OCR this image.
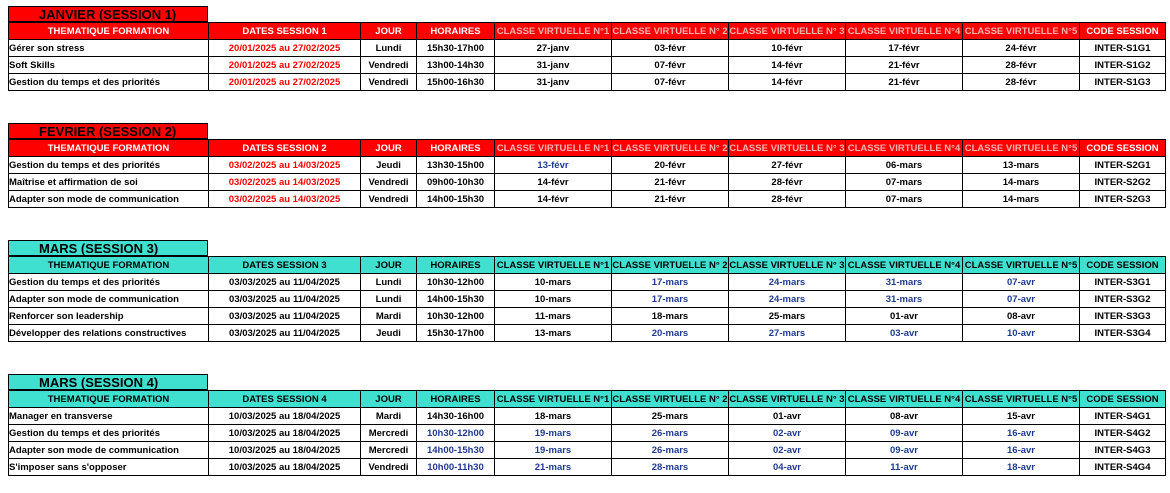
JANVIER (SESSION 1)
THEMATIQUE FORMATION	DATES SESSION 1	JOUR	HORAIRES	CLASSE VIRTUELLE N°1	CLASSE VIRTUELLE N° 2	CLASSE VIRTUELLE N° 3	CLASSE VIRTUELLE N°4	CLASSE VIRTUELLE N°5	CODE SESSION
Gérer son stress	20/01/2025 au 27/02/2025	Lundi	15h30-17h00	27-janv	03-févr	10-févr	17-févr	24-févr	INTER-S1G1
Soft Skills	20/01/2025 au 27/02/2025	Vendredi	13h00-14h30	31-janv	07-févr	14-févr	21-févr	28-févr	INTER-S1G2
Gestion du temps et des priorités	20/01/2025 au 27/02/2025	Vendredi	15h00-16h30	31-janv	07-févr	14-févr	21-févr	28-févr	INTER-S1G3
FEVRIER (SESSION 2)
THEMATIQUE FORMATION	DATES SESSION 2	JOUR	HORAIRES	CLASSE VIRTUELLE N°1	CLASSE VIRTUELLE N° 2	CLASSE VIRTUELLE N° 3	CLASSE VIRTUELLE N°4	CLASSE VIRTUELLE N°5	CODE SESSION
Gestion du temps et des priorités	03/02/2025 au 14/03/2025	Jeudi	13h30-15h00	13-févr	20-févr	27-févr	06-mars	13-mars	INTER-S2G1
Maîtrise et affirmation de soi	03/02/2025 au 14/03/2025	Vendredi	09h00-10h30	14-févr	21-févr	28-févr	07-mars	14-mars	INTER-S2G2
Adapter son mode de communication	03/02/2025 au 14/03/2025	Vendredi	14h00-15h30	14-févr	21-févr	28-févr	07-mars	14-mars	INTER-S2G3
MARS (SESSION 3)
THEMATIQUE FORMATION	DATES SESSION 3	JOUR	HORAIRES	CLASSE VIRTUELLE N°1	CLASSE VIRTUELLE N° 2	CLASSE VIRTUELLE N° 3	CLASSE VIRTUELLE N°4	CLASSE VIRTUELLE N°5	CODE SESSION
Gestion du temps et des priorités	03/03/2025 au 11/04/2025	Lundi	10h30-12h00	10-mars	17-mars	24-mars	31-mars	07-avr	INTER-S3G1
Adapter son mode de communication	03/03/2025 au 11/04/2025	Lundi	14h00-15h30	10-mars	17-mars	24-mars	31-mars	07-avr	INTER-S3G2
Renforcer son leadership	03/03/2025 au 11/04/2025	Mardi	10h30-12h00	11-mars	18-mars	25-mars	01-avr	08-avr	INTER-S3G3
Développer des relations constructives	03/03/2025 au 11/04/2025	Jeudi	15h30-17h00	13-mars	20-mars	27-mars	03-avr	10-avr	INTER-S3G4
MARS (SESSION 4)
THEMATIQUE FORMATION	DATES SESSION 4	JOUR	HORAIRES	CLASSE VIRTUELLE N°1	CLASSE VIRTUELLE N° 2	CLASSE VIRTUELLE N° 3	CLASSE VIRTUELLE N°4	CLASSE VIRTUELLE N°5	CODE SESSION
Manager en transverse	10/03/2025 au 18/04/2025	Mardi	14h30-16h00	18-mars	25-mars	01-avr	08-avr	15-avr	INTER-S4G1
Gestion du temps et des priorités	10/03/2025 au 18/04/2025	Mercredi	10h30-12h00	19-mars	26-mars	02-avr	09-avr	16-avr	INTER-S4G2
Adapter son mode de communication	10/03/2025 au 18/04/2025	Mercredi	14h00-15h30	19-mars	26-mars	02-avr	09-avr	16-avr	INTER-S4G3
S'imposer sans s'opposer	10/03/2025 au 18/04/2025	Vendredi	10h00-11h30	21-mars	28-mars	04-avr	11-avr	18-avr	INTER-S4G4
